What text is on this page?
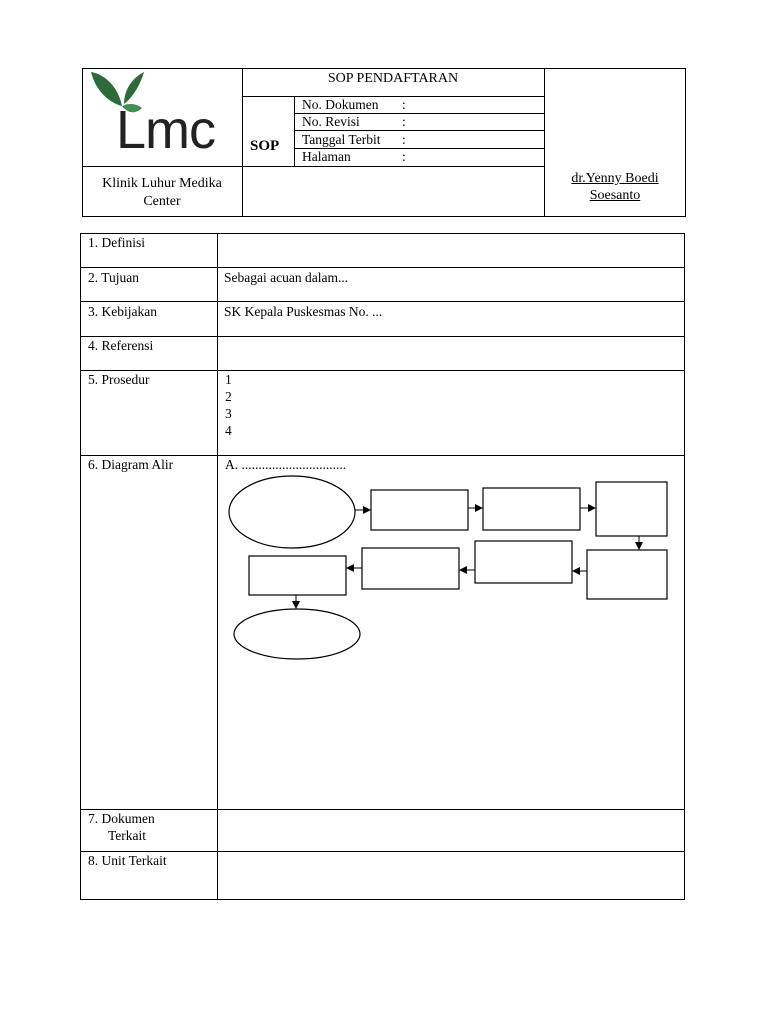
Lmc
Klinik Luhur Medika Center
SOP PENDAFTARAN
SOP
No. Dokumen :
No. Revisi	:
Tanggal Terbit :
Halaman	:
dr.Yenny Boedi Soesanto
1. Definisi
2. Tujuan	Sebagai acuan dalam...
3. Kebijakan	SK Kepala Puskesmas No. ...
4. Referensi
5. Prosedur	1
2
3
4
6. Diagram Alir	A. ...............................
7. Dokumen
Terkait
8. Unit Terkait
